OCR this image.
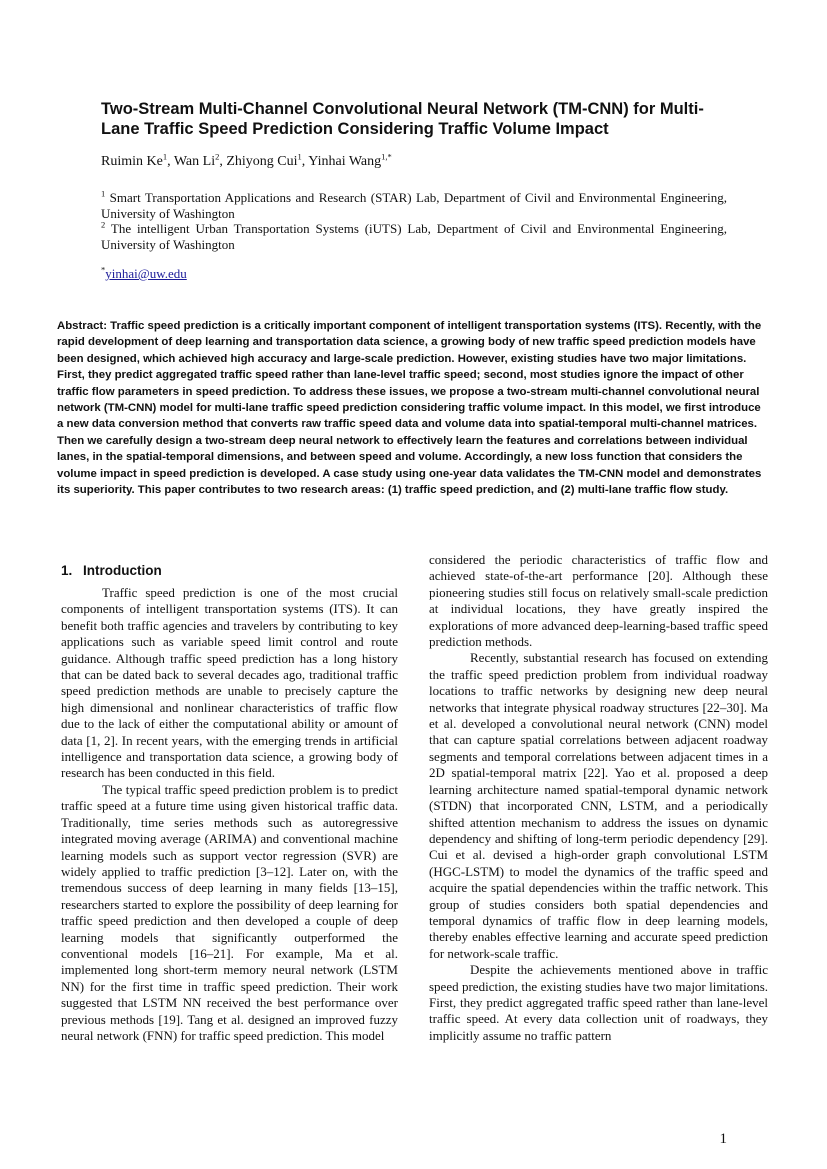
Two-Stream Multi-Channel Convolutional Neural Network (TM-CNN) for Multi-Lane Traffic Speed Prediction Considering Traffic Volume Impact
Ruimin Ke$^1$, Wan Li$^2$, Zhiyong Cui$^1$, Yinhai Wang$^{1,*}$
$^1$ Smart Transportation Applications and Research (STAR) Lab, Department of Civil and Environmental Engineering, University of Washington
$^2$ The intelligent Urban Transportation Systems (iUTS) Lab, Department of Civil and Environmental Engineering, University of Washington
*yinhai@uw.edu

Abstract: Traffic speed prediction is a critically important component of intelligent transportation systems (ITS). Recently, with the rapid development of deep learning and transportation data science, a growing body of new traffic speed prediction models have been designed, which achieved high accuracy and large-scale prediction. However, existing studies have two major limitations. First, they predict aggregated traffic speed rather than lane-level traffic speed; second, most studies ignore the impact of other traffic flow parameters in speed prediction. To address these issues, we propose a two-stream multi-channel convolutional neural network (TM-CNN) model for multi-lane traffic speed prediction considering traffic volume impact. In this model, we first introduce a new data conversion method that converts raw traffic speed data and volume data into spatial-temporal multi-channel matrices. Then we carefully design a two-stream deep neural network to effectively learn the features and correlations between individual lanes, in the spatial-temporal dimensions, and between speed and volume. Accordingly, a new loss function that considers the volume impact in speed prediction is developed. A case study using one-year data validates the TM-CNN model and demonstrates its superiority. This paper contributes to two research areas: (1) traffic speed prediction, and (2) multi-lane traffic flow study.

1. Introduction

Traffic speed prediction is one of the most crucial components of intelligent transportation systems (ITS). It can benefit both traffic agencies and travelers by contributing to key applications such as variable speed limit control and route guidance. Although traffic speed prediction has a long history that can be dated back to several decades ago, traditional traffic speed prediction methods are unable to precisely capture the high dimensional and nonlinear characteristics of traffic flow due to the lack of either the computational ability or amount of data [1, 2]. In recent years, with the emerging trends in artificial intelligence and transportation data science, a growing body of research has been conducted in this field.

The typical traffic speed prediction problem is to predict traffic speed at a future time using given historical traffic data. Traditionally, time series methods such as autoregressive integrated moving average (ARIMA) and conventional machine learning models such as support vector regression (SVR) are widely applied to traffic prediction [3–12]. Later on, with the tremendous success of deep learning in many fields [13–15], researchers started to explore the possibility of deep learning for traffic speed prediction and then developed a couple of deep learning models that significantly outperformed the conventional models [16–21]. For example, Ma et al. implemented long short-term memory neural network (LSTM NN) for the first time in traffic speed prediction. Their work suggested that LSTM NN received the best performance over previous methods [19]. Tang et al. designed an improved fuzzy neural network (FNN) for traffic speed prediction. This model

considered the periodic characteristics of traffic flow and achieved state-of-the-art performance [20]. Although these pioneering studies still focus on relatively small-scale prediction at individual locations, they have greatly inspired the explorations of more advanced deep-learning-based traffic speed prediction methods.

Recently, substantial research has focused on extending the traffic speed prediction problem from individual roadway locations to traffic networks by designing new deep neural networks that integrate physical roadway structures [22–30]. Ma et al. developed a convolutional neural network (CNN) model that can capture spatial correlations between adjacent roadway segments and temporal correlations between adjacent times in a 2D spatial-temporal matrix [22]. Yao et al. proposed a deep learning architecture named spatial-temporal dynamic network (STDN) that incorporated CNN, LSTM, and a periodically shifted attention mechanism to address the issues on dynamic dependency and shifting of long-term periodic dependency [29]. Cui et al. devised a high-order graph convolutional LSTM (HGC-LSTM) to model the dynamics of the traffic speed and acquire the spatial dependencies within the traffic network. This group of studies considers both spatial dependencies and temporal dynamics of traffic flow in deep learning models, thereby enables effective learning and accurate speed prediction for network-scale traffic.

Despite the achievements mentioned above in traffic speed prediction, the existing studies have two major limitations. First, they predict aggregated traffic speed rather than lane-level traffic speed. At every data collection unit of roadways, they implicitly assume no traffic pattern

1
